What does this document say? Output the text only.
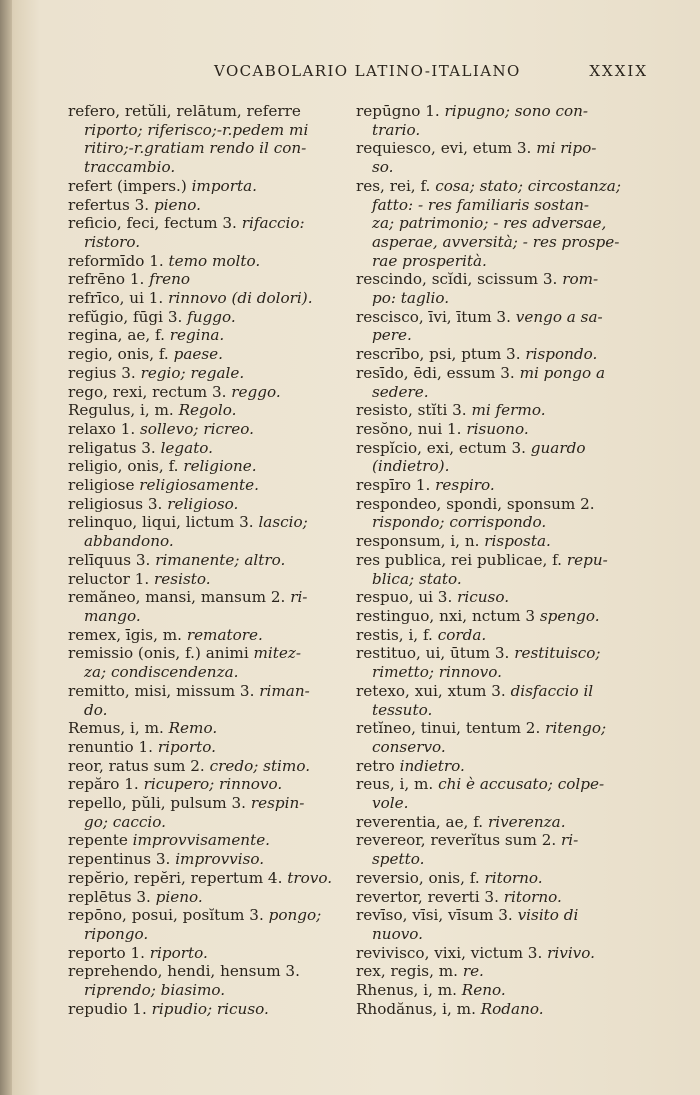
VOCABOLARIO LATINO-ITALIANO	XXXIX
refero, retŭli, relātum, referre
riporto; riferisco;-r.pedem mi
ritiro;-r.gratiam rendo il con-
traccambio.
refert (impers.) importa.
refertus 3. pieno.
reficio, feci, fectum 3. rifaccio:
ristoro.
reformīdo 1. temo molto.
refrēno 1. freno
refrīco, ui 1. rinnovo (di dolori).
refŭgio, fūgi 3. fuggo.
regina, ae, f. regina.
regio, onis, f. paese.
regius 3. regio; regale.
rego, rexi, rectum 3. reggo.
Regulus, i, m. Regolo.
relaxo 1. sollevo; ricreo.
religatus 3. legato.
religio, onis, f. religione.
religiose religiosamente.
religiosus 3. religioso.
relinquo, liqui, lictum 3. lascio;
abbandono.
relīquus 3. rimanente; altro.
reluctor 1. resisto.
remăneo, mansi, mansum 2. ri-
mango.
remex, īgis, m. rematore.
remissio (onis, f.) animi mitez-
za; condiscendenza.
remitto, misi, missum 3. riman-
do.
Remus, i, m. Remo.
renuntio 1. riporto.
reor, ratus sum 2. credo; stimo.
repăro 1. ricupero; rinnovo.
repello, pŭli, pulsum 3. respin-
go; caccio.
repente improvvisamente.
repentinus 3. improvviso.
repĕrio, repĕri, repertum 4. trovo.
replētus 3. pieno.
repōno, posui, posĭtum 3. pongo;
ripongo.
reporto 1. riporto.
reprehendo, hendi, hensum 3.
riprendo; biasimo.
repudio 1. ripudio; ricuso.
repūgno 1. ripugno; sono con-
trario.
requiesco, evi, etum 3. mi ripo-
so.
res, rei, f. cosa; stato; circostanza;
fatto: - res familiaris sostan-
za; patrimonio; - res adversae,
asperae, avversità; - res prospe-
rae prosperità.
rescindo, scĭdi, scissum 3. rom-
po: taglio.
rescisco, īvi, ītum 3. vengo a sa-
pere.
rescrībo, psi, ptum 3. rispondo.
resīdo, ēdi, essum 3. mi pongo a
sedere.
resisto, stĭti 3. mi fermo.
resŏno, nui 1. risuono.
respĭcio, exi, ectum 3. guardo
(indietro).
respīro 1. respiro.
respondeo, spondi, sponsum 2.
rispondo; corrispondo.
responsum, i, n. risposta.
res publica, rei publicae, f. repu-
blica; stato.
respuo, ui 3. ricuso.
restinguo, nxi, nctum 3 spengo.
restis, i, f. corda.
restituo, ui, ūtum 3. restituisco;
rimetto; rinnovo.
retexo, xui, xtum 3. disfaccio il
tessuto.
retĭneo, tinui, tentum 2. ritengo;
conservo.
retro indietro.
reus, i, m. chi è accusato; colpe-
vole.
reverentia, ae, f. riverenza.
revereor, reverĭtus sum 2. ri-
spetto.
reversio, onis, f. ritorno.
revertor, reverti 3. ritorno.
revīso, vīsi, vīsum 3. visito di
nuovo.
revivisco, vixi, victum 3. rivivo.
rex, regis, m. re.
Rhenus, i, m. Reno.
Rhodănus, i, m. Rodano.
